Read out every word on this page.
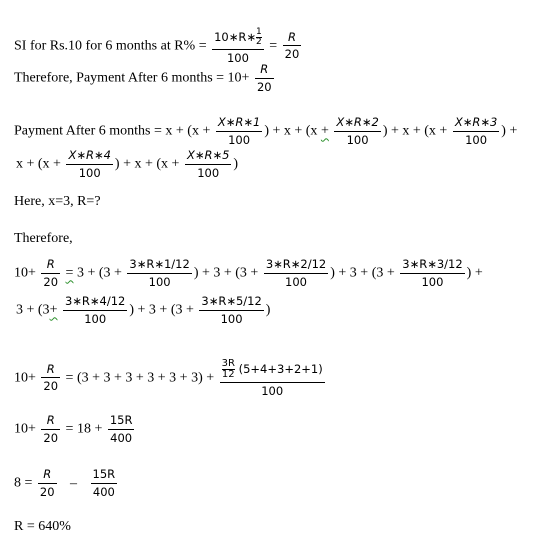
SI for Rs.10 for 6 months at $R\% = \frac{10∗R∗ \frac{1}{2}}{100} = \frac{R}{20}$
Therefore, Payment After 6 months = $10+ \frac{R}{20}$
Payment After 6 months = $x + (x + \frac{X∗R∗1}{100}$ ) + $x + (x + \frac{X∗R∗2}{100}$ ) + $x + (x + \frac{X∗R∗3}{100}$ ) +
$x + (x + \frac{X∗R∗4}{100}$ ) + $x + (x + \frac{X∗R∗5}{100}$ )
Here, x=3, R=?
Therefore,
$10+ \frac{R}{20} = 3 + (3 + \frac{3∗R∗1/12}{100}$ ) + $3 + (3 + \frac{3∗R∗2/12}{100}$ ) + $3 + (3 + \frac{3∗R∗3/12}{100}$ ) +
$3 + (3+ \frac{3∗R∗4/12}{100}$ ) + $3 + (3 + \frac{3∗R∗5/12}{100}$ )
$10+ \frac{R}{20} = (3 + 3 + 3 + 3 + 3 + 3) + \frac{\frac{3R}{12} (5+4+3+2+1)}{100}$
$10+ \frac{R}{20} = 18 + \frac{15R}{400}$
$8 = \frac{R}{20} - \frac{15R}{400}$
R = 640%
